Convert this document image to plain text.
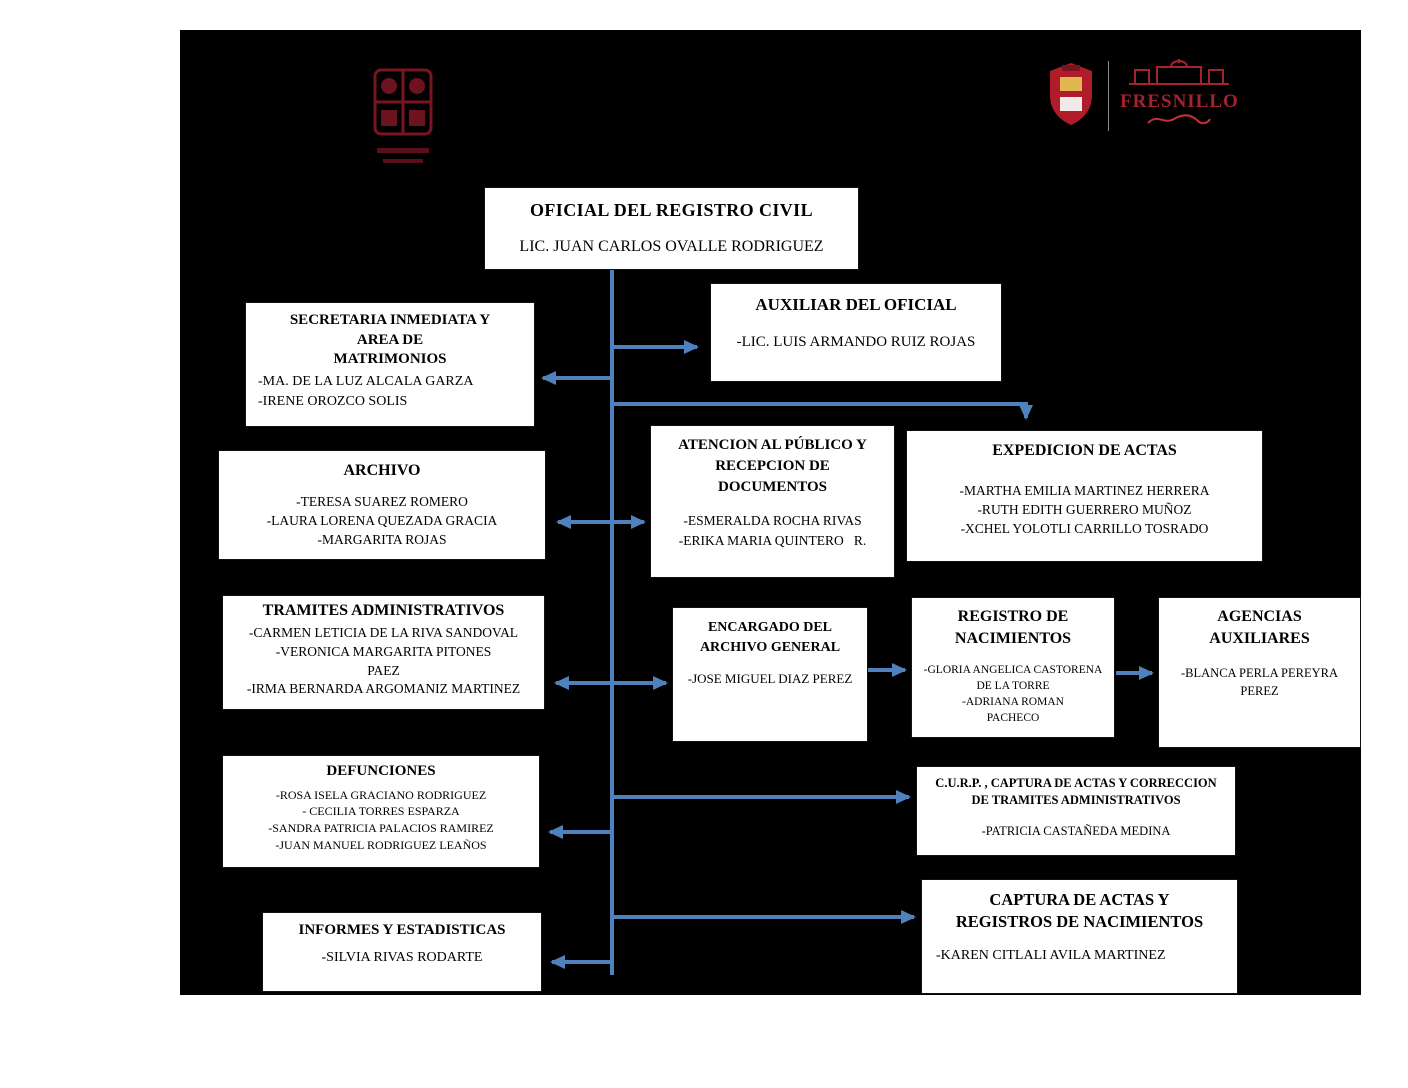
FRESNILLO
OFICIAL DEL REGISTRO CIVIL
LIC. JUAN CARLOS OVALLE RODRIGUEZ
AUXILIAR DEL OFICIAL
-LIC. LUIS ARMANDO RUIZ ROJAS
SECRETARIA INMEDIATA Y
AREA DE
MATRIMONIOS
-MA. DE LA LUZ ALCALA GARZA
-IRENE OROZCO SOLIS
ARCHIVO
-TERESA SUAREZ ROMERO
-LAURA LORENA QUEZADA GRACIA
-MARGARITA ROJAS
ATENCION AL PÚBLICO Y
RECEPCION DE
DOCUMENTOS
-ESMERALDA ROCHA RIVAS
-ERIKA MARIA QUINTERO   R.
EXPEDICION DE ACTAS
-MARTHA EMILIA MARTINEZ HERRERA
-RUTH EDITH GUERRERO MUÑOZ
-XCHEL YOLOTLI CARRILLO TOSRADO
TRAMITES ADMINISTRATIVOS
-CARMEN LETICIA DE LA RIVA SANDOVAL
-VERONICA MARGARITA PITONES
PAEZ
-IRMA BERNARDA ARGOMANIZ MARTINEZ
ENCARGADO DEL
ARCHIVO GENERAL
-JOSE MIGUEL DIAZ PEREZ
REGISTRO DE
NACIMIENTOS
-GLORIA ANGELICA CASTORENA
DE LA TORRE
-ADRIANA ROMAN
PACHECO
AGENCIAS
AUXILIARES
-BLANCA PERLA PEREYRA
PEREZ
DEFUNCIONES
-ROSA ISELA GRACIANO RODRIGUEZ
- CECILIA TORRES ESPARZA
-SANDRA PATRICIA PALACIOS RAMIREZ
-JUAN MANUEL RODRIGUEZ LEAÑOS
C.U.R.P. , CAPTURA DE ACTAS Y CORRECCION
DE TRAMITES ADMINISTRATIVOS
-PATRICIA CASTAÑEDA MEDINA
CAPTURA DE ACTAS Y
REGISTROS DE NACIMIENTOS
-KAREN CITLALI AVILA MARTINEZ
INFORMES Y ESTADISTICAS
-SILVIA RIVAS RODARTE
